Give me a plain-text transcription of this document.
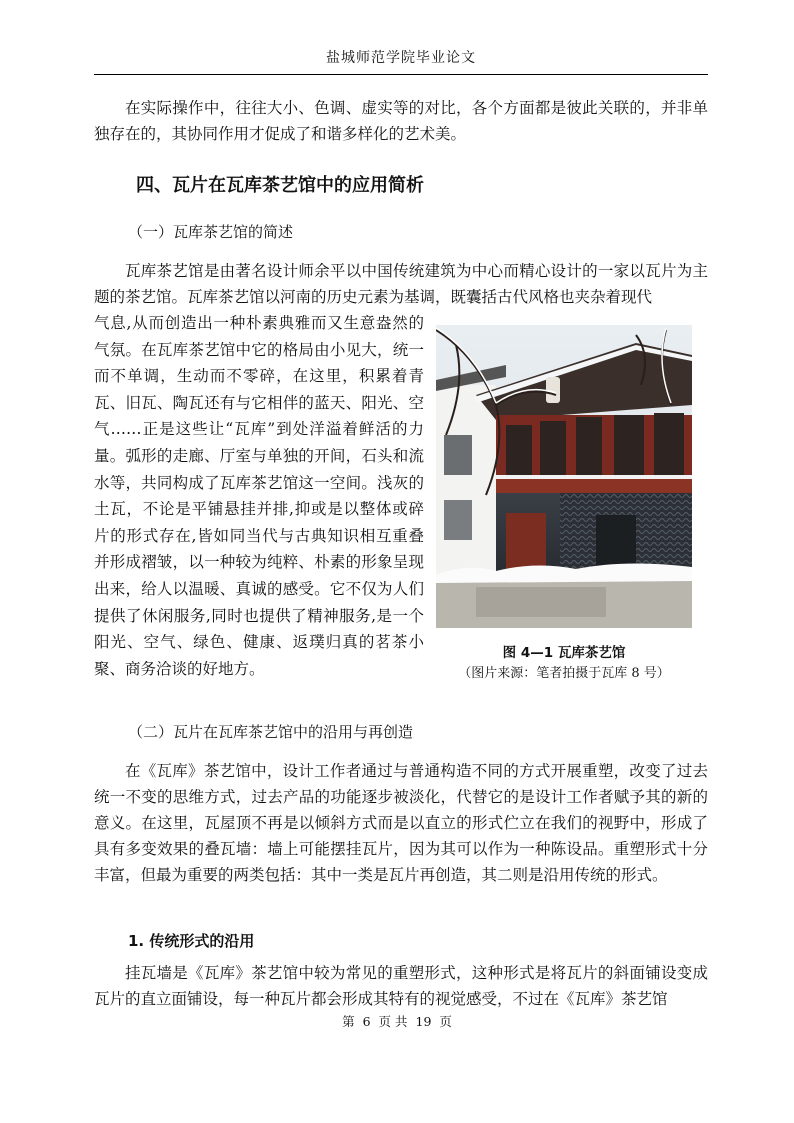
盐城师范学院毕业论文

在实际操作中，往往大小、色调、虚实等的对比，各个方面都是彼此关联的，并非单独存在的，其协同作用才促成了和谐多样化的艺术美。

四、瓦片在瓦库茶艺馆中的应用简析
（一）瓦库茶艺馆的简述

瓦库茶艺馆是由著名设计师余平以中国传统建筑为中心而精心设计的一家以瓦片为主题的茶艺馆。瓦库茶艺馆以河南的历史元素为基调，既囊括古代风格也夹杂着现代

气息,从而创造出一种朴素典雅而又生意盎然的气氛。在瓦库茶艺馆中它的格局由小见大，统一而不单调，生动而不零碎，在这里，积累着青瓦、旧瓦、陶瓦还有与它相伴的蓝天、阳光、空气……正是这些让“瓦库”到处洋溢着鲜活的力量。弧形的走廊、厅室与单独的开间，石头和流水等，共同构成了瓦库茶艺馆这一空间。浅灰的土瓦，不论是平铺悬挂并排,抑或是以整体或碎片的形式存在,皆如同当代与古典知识相互重叠并形成褶皱，以一种较为纯粹、朴素的形象呈现出来，给人以温暖、真诚的感受。它不仅为人们提供了休闲服务,同时也提供了精神服务,是一个阳光、空气、绿色、健康、返璞归真的茗茶小聚、商务洽谈的好地方。

图 4—1 瓦库茶艺馆
（图片来源：笔者拍摄于瓦库 8 号）
（二）瓦片在瓦库茶艺馆中的沿用与再创造

在《瓦库》茶艺馆中，设计工作者通过与普通构造不同的方式开展重塑，改变了过去统一不变的思维方式，过去产品的功能逐步被淡化，代替它的是设计工作者赋予其的新的意义。在这里，瓦屋顶不再是以倾斜方式而是以直立的形式伫立在我们的视野中，形成了具有多变效果的叠瓦墙：墙上可能摆挂瓦片，因为其可以作为一种陈设品。重塑形式十分丰富，但最为重要的两类包括：其中一类是瓦片再创造，其二则是沿用传统的形式。

1. 传统形式的沿用

挂瓦墙是《瓦库》茶艺馆中较为常见的重塑形式，这种形式是将瓦片的斜面铺设变成瓦片的直立面铺设，每一种瓦片都会形成其特有的视觉感受，不过在《瓦库》茶艺馆

第 6 页 共 19 页
